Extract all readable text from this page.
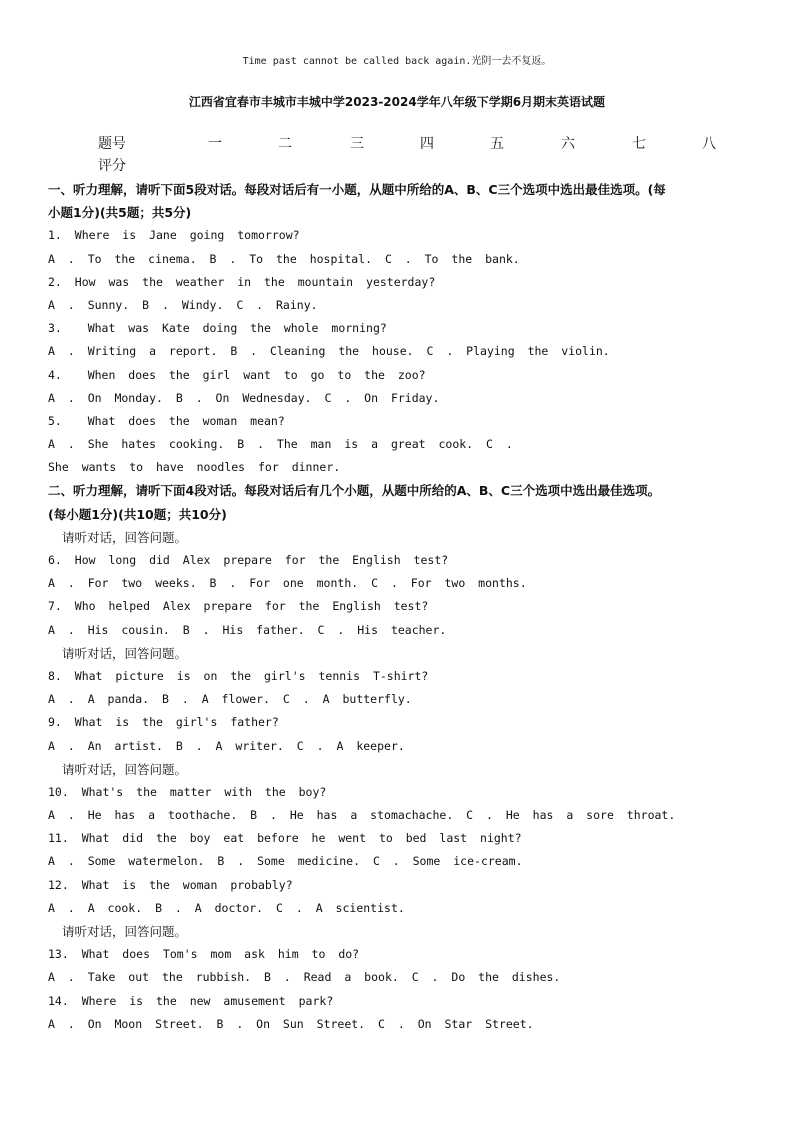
Time past cannot be called back again.光阴一去不复返。
江西省宜春市丰城市丰城中学2023-2024学年八年级下学期6月期末英语试题
题号	一	二	三	四	五	六	七	八
评分
一、听力理解，请听下面5段对话。每段对话后有一小题，从题中所给的A、B、C三个选项中选出最佳选项。(每
小题1分)(共5题；共5分)
1. Where is Jane going tomorrow?
A . To the cinema. B . To the hospital. C . To the bank.
2. How was the weather in the mountain yesterday?
A . Sunny. B . Windy. C . Rainy.
3.  What was Kate doing the whole morning?
A . Writing a report. B . Cleaning the house. C . Playing the violin.
4.  When does the girl want to go to the zoo?
A . On Monday. B . On Wednesday. C . On Friday.
5.  What does the woman mean?
A . She hates cooking. B . The man is a great cook. C .
She wants to have noodles for dinner.
二、听力理解，请听下面4段对话。每段对话后有几个小题，从题中所给的A、B、C三个选项中选出最佳选项。
(每小题1分)(共10题；共10分)
请听对话，回答问题。
6. How long did Alex prepare for the English test?
A . For two weeks. B . For one month. C . For two months.
7. Who helped Alex prepare for the English test?
A . His cousin. B . His father. C . His teacher.
请听对话，回答问题。
8. What picture is on the girl's tennis T-shirt?
A . A panda. B . A flower. C . A butterfly.
9. What is the girl's father?
A . An artist. B . A writer. C . A keeper.
请听对话，回答问题。
10. What's the matter with the boy?
A . He has a toothache. B . He has a stomachache. C . He has a sore throat.
11. What did the boy eat before he went to bed last night?
A . Some watermelon. B . Some medicine. C . Some ice-cream.
12. What is the woman probably?
A . A cook. B . A doctor. C . A scientist.
请听对话，回答问题。
13. What does Tom's mom ask him to do?
A . Take out the rubbish. B . Read a book. C . Do the dishes.
14. Where is the new amusement park?
A . On Moon Street. B . On Sun Street. C . On Star Street.
